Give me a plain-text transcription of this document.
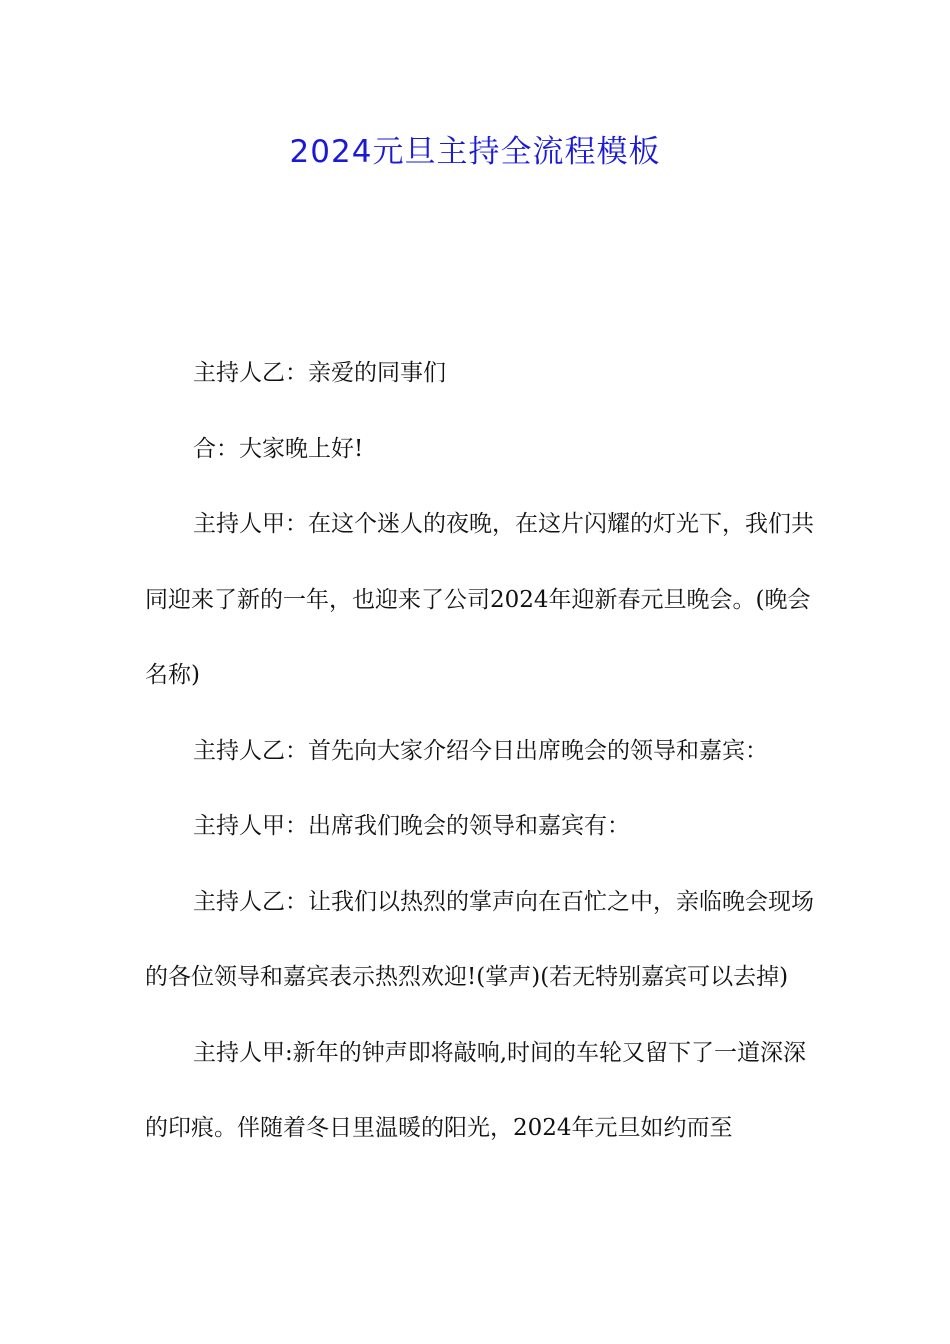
2024元旦主持全流程模板

主持人乙：亲爱的同事们

合：大家晚上好!

主持人甲：在这个迷人的夜晚，在这片闪耀的灯光下，我们共同迎来了新的一年，也迎来了公司2024年迎新春元旦晚会。(晚会名称)

主持人乙：首先向大家介绍今日出席晚会的领导和嘉宾：

主持人甲：出席我们晚会的领导和嘉宾有：

主持人乙：让我们以热烈的掌声向在百忙之中，亲临晚会现场的各位领导和嘉宾表示热烈欢迎!(掌声)(若无特别嘉宾可以去掉)

主持人甲:新年的钟声即将敲响,时间的车轮又留下了一道深深的印痕。伴随着冬日里温暖的阳光，2024年元旦如约而至
